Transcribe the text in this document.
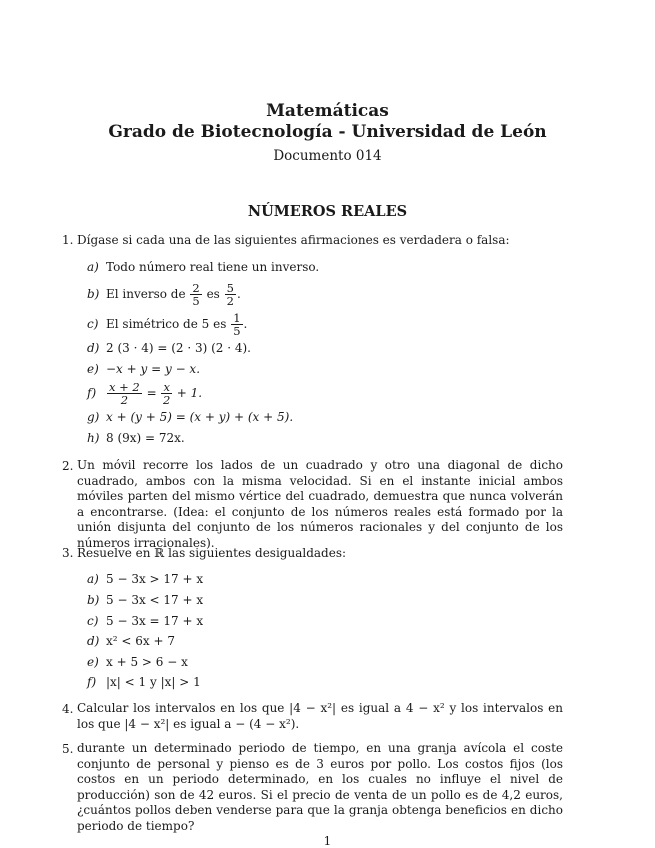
Matemáticas
Grado de Biotecnología - Universidad de León
Documento 014
NÚMEROS REALES
1. Dígase si cada una de las siguientes afirmaciones es verdadera o falsa:
a) Todo número real tiene un inverso.
b) El inverso de $\frac{2}{5}$ es $\frac{5}{2}$ .
c) El simétrico de 5 es $\frac{1}{5}$ .
d) 2 (3 · 4) = (2 · 3) (2 · 4).
e) −x + y = y − x.
$f) \frac{x + 2}{2} = \frac{x}{2} + 1$.
g) x + (y + 5) = (x + y) + (x + 5).
h) 8 (9x) = 72x.
2. Un móvil recorre los lados de un cuadrado y otro una diagonal de dicho cuadrado, ambos con la misma velocidad. Si en el instante inicial ambos móviles parten del mismo vértice del cuadrado, demuestra que nunca volverán a encontrarse. (Idea: el conjunto de los números reales está formado por la unión disjunta del conjunto de los números racionales y del conjunto de los números irracionales).
3. Resuelve en ℝ las siguientes desigualdades:
a) 5 − 3x > 17 + x
b) 5 − 3x < 17 + x
c) 5 − 3x = 17 + x
d) x² < 6x + 7
e) x + 5 > 6 − x
f) |x| < 1 y |x| > 1
4. Calcular los intervalos en los que |4 − x²| es igual a 4 − x² y los intervalos en los que |4 − x²| es igual a − (4 − x²).
5. durante un determinado periodo de tiempo, en una granja avícola el coste conjunto de personal y pienso es de 3 euros por pollo. Los costos fijos (los costos en un periodo determinado, en los cuales no influye el nivel de producción) son de 42 euros. Si el precio de venta de un pollo es de 4,2 euros, ¿cuántos pollos deben venderse para que la granja obtenga beneficios en dicho periodo de tiempo?
1
